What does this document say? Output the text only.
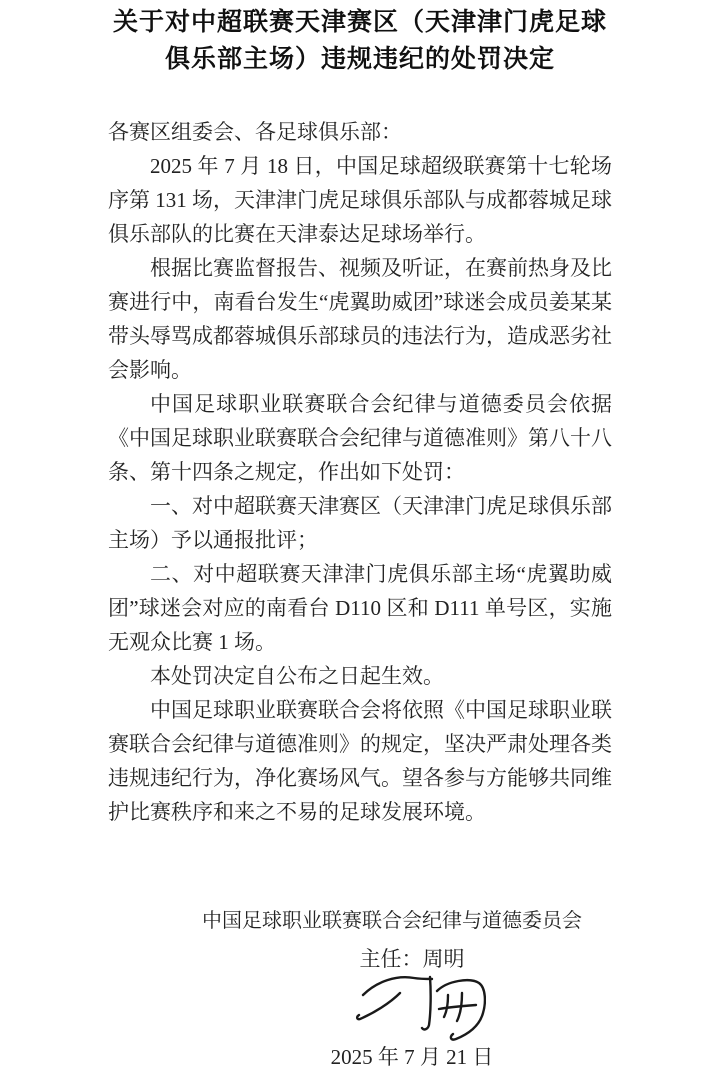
关于对中超联赛天津赛区（天津津门虎足球
俱乐部主场）违规违纪的处罚决定

各赛区组委会、各足球俱乐部：

2025 年 7 月 18 日，中国足球超级联赛第十七轮场序第 131 场，天津津门虎足球俱乐部队与成都蓉城足球俱乐部队的比赛在天津泰达足球场举行。

根据比赛监督报告、视频及听证，在赛前热身及比赛进行中，南看台发生“虎翼助威团”球迷会成员姜某某带头辱骂成都蓉城俱乐部球员的违法行为，造成恶劣社会影响。

中国足球职业联赛联合会纪律与道德委员会依据《中国足球职业联赛联合会纪律与道德准则》第八十八条、第十四条之规定，作出如下处罚：

一、对中超联赛天津赛区（天津津门虎足球俱乐部主场）予以通报批评；

二、对中超联赛天津津门虎俱乐部主场“虎翼助威团”球迷会对应的南看台 D110 区和 D111 单号区，实施无观众比赛 1 场。

本处罚决定自公布之日起生效。

中国足球职业联赛联合会将依照《中国足球职业联赛联合会纪律与道德准则》的规定，坚决严肃处理各类违规违纪行为，净化赛场风气。望各参与方能够共同维护比赛秩序和来之不易的足球发展环境。

中国足球职业联赛联合会纪律与道德委员会
主任：周明
2025 年 7 月 21 日
